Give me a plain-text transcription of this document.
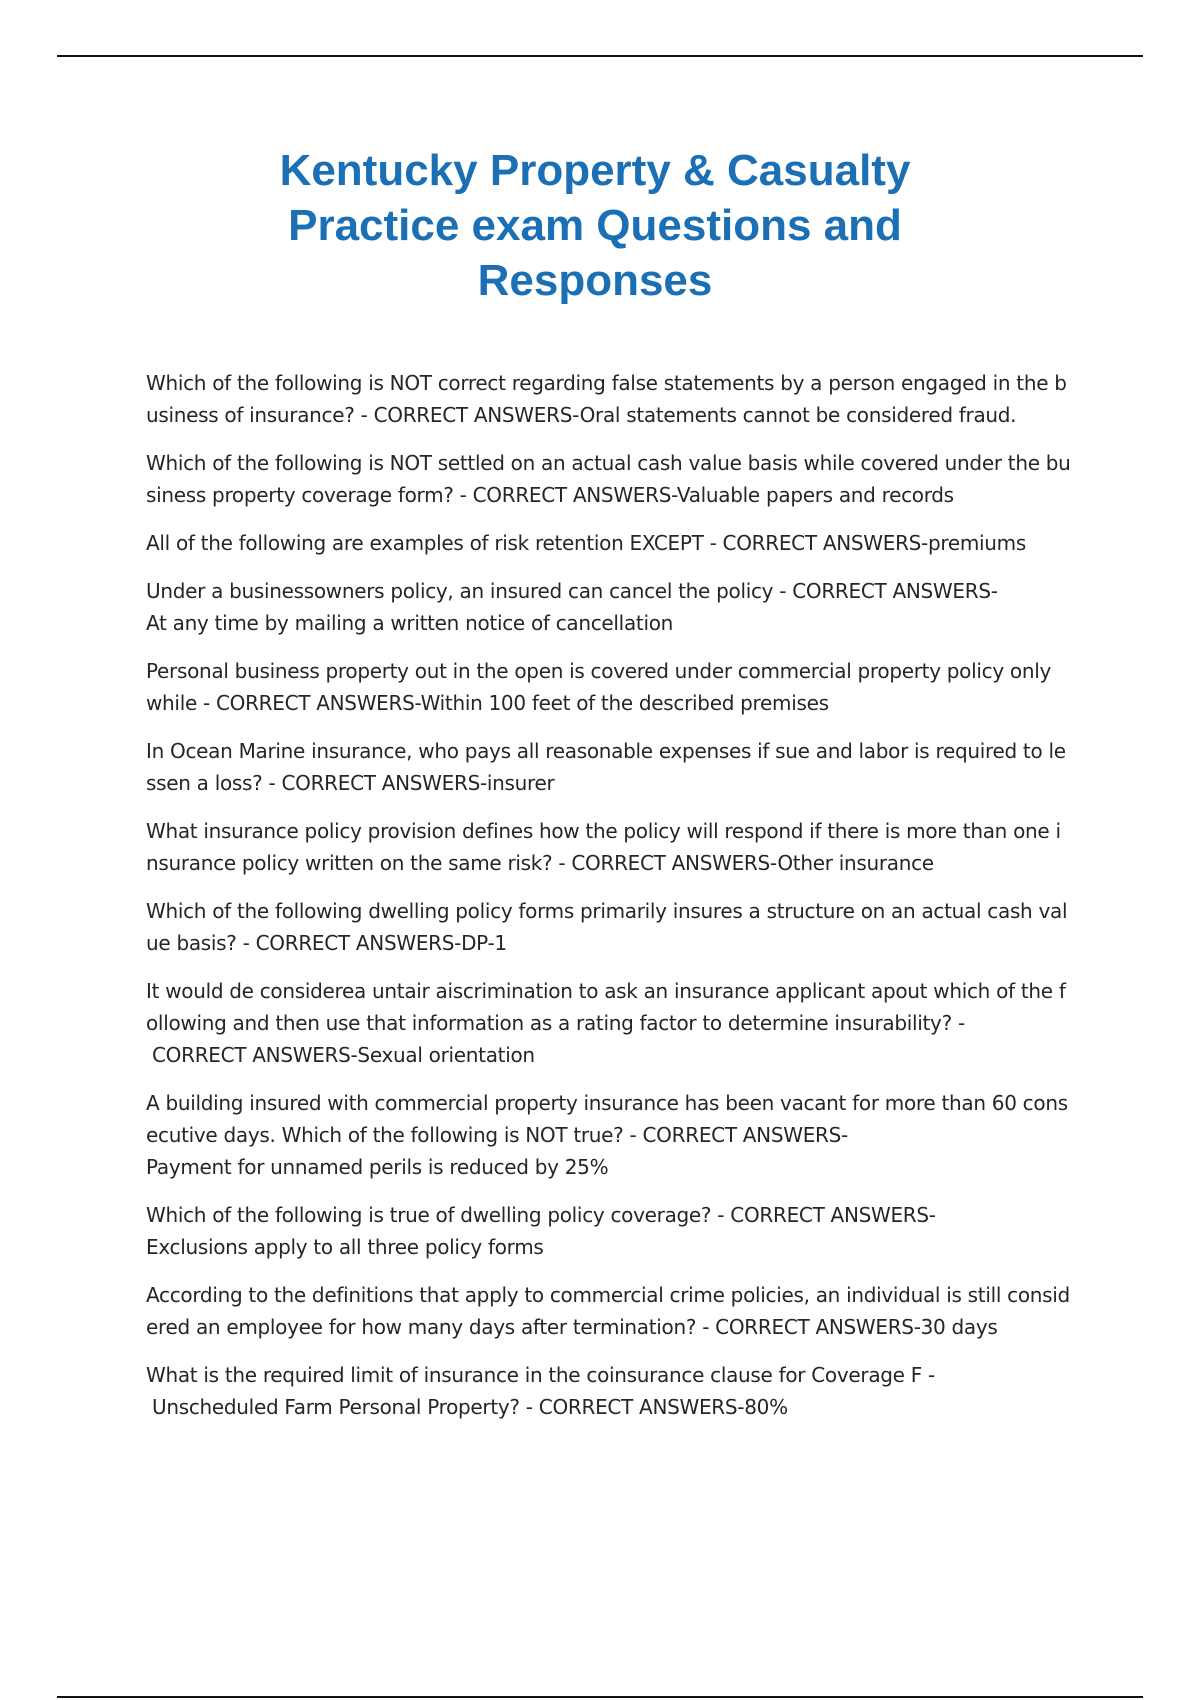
Kentucky Property & Casualty
Practice exam Questions and
Responses
Which of the following is NOT correct regarding false statements by a person engaged in the b
usiness of insurance? - CORRECT ANSWERS-Oral statements cannot be considered fraud.
Which of the following is NOT settled on an actual cash value basis while covered under the bu
siness property coverage form? - CORRECT ANSWERS-Valuable papers and records
All of the following are examples of risk retention EXCEPT - CORRECT ANSWERS-premiums
Under a businessowners policy, an insured can cancel the policy - CORRECT ANSWERS-
At any time by mailing a written notice of cancellation
Personal business property out in the open is covered under commercial property policy only
while - CORRECT ANSWERS-Within 100 feet of the described premises
In Ocean Marine insurance, who pays all reasonable expenses if sue and labor is required to le
ssen a loss? - CORRECT ANSWERS-insurer
What insurance policy provision defines how the policy will respond if there is more than one i
nsurance policy written on the same risk? - CORRECT ANSWERS-Other insurance
Which of the following dwelling policy forms primarily insures a structure on an actual cash val
ue basis? - CORRECT ANSWERS-DP-1
It would de considerea untair aiscrimination to ask an insurance applicant apout which of the f
ollowing and then use that information as a rating factor to determine insurability? -
CORRECT ANSWERS-Sexual orientation
A building insured with commercial property insurance has been vacant for more than 60 cons
ecutive days. Which of the following is NOT true? - CORRECT ANSWERS-
Payment for unnamed perils is reduced by 25%
Which of the following is true of dwelling policy coverage? - CORRECT ANSWERS-
Exclusions apply to all three policy forms
According to the definitions that apply to commercial crime policies, an individual is still consid
ered an employee for how many days after termination? - CORRECT ANSWERS-30 days
What is the required limit of insurance in the coinsurance clause for Coverage F -
Unscheduled Farm Personal Property? - CORRECT ANSWERS-80%
